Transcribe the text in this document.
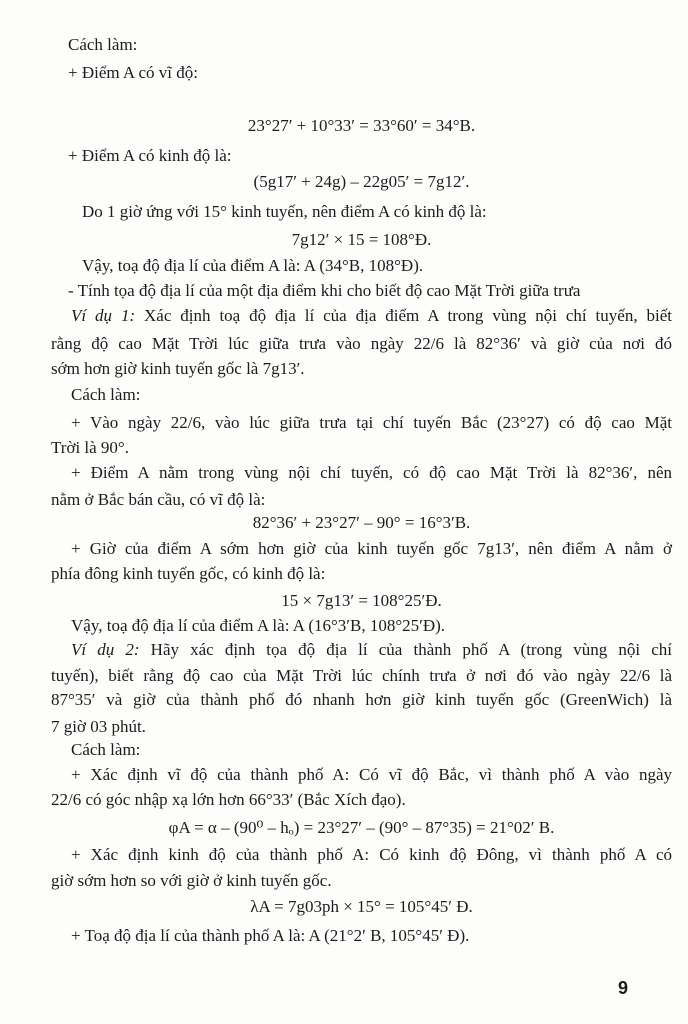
Cách làm:
+ Điểm A có vĩ độ:
23°27′ + 10°33′ = 33°60′ = 34°B.
+ Điểm A có kinh độ là:
(5g17′ + 24g) – 22g05′ = 7g12′.
Do 1 giờ ứng với 15° kinh tuyến, nên điểm A có kinh độ là:
7g12′ × 15 = 108°Đ.
Vậy, toạ độ địa lí của điểm A là: A (34°B, 108°Đ).
- Tính tọa độ địa lí của một địa điểm khi cho biết độ cao Mặt Trời giữa trưa
Ví dụ 1: Xác định toạ độ địa lí của địa điểm A trong vùng nội chí tuyến, biết
rằng độ cao Mặt Trời lúc giữa trưa vào ngày 22/6 là 82°36′ và giờ của nơi đó
sớm hơn giờ kinh tuyến gốc là 7g13′.
Cách làm:
+ Vào ngày 22/6, vào lúc giữa trưa tại chí tuyến Bắc (23°27) có độ cao Mặt
Trời là 90°.
+ Điểm A nằm trong vùng nội chí tuyến, có độ cao Mặt Trời là 82°36′, nên
nằm ở Bắc bán cầu, có vĩ độ là:
82°36′ + 23°27′ – 90° = 16°3′B.
+ Giờ của điểm A sớm hơn giờ của kinh tuyến gốc 7g13′, nên điểm A nằm ở
phía đông kinh tuyến gốc, có kinh độ là:
15 × 7g13′ = 108°25′Đ.
Vậy, toạ độ địa lí của điểm A là: A (16°3′B, 108°25′Đ).
Ví dụ 2: Hãy xác định tọa độ địa lí của thành phố A (trong vùng nội chí
tuyến), biết rằng độ cao của Mặt Trời lúc chính trưa ở nơi đó vào ngày 22/6 là
87°35′ và giờ của thành phố đó nhanh hơn giờ kinh tuyến gốc (GreenWich) là
7 giờ 03 phút.
Cách làm:
+ Xác định vĩ độ của thành phố A: Có vĩ độ Bắc, vì thành phố A vào ngày
22/6 có góc nhập xạ lớn hơn 66°33′ (Bắc Xích đạo).
φA = α – (90⁰ – hₒ) = 23°27′ – (90° – 87°35) = 21°02′ B.
+ Xác định kinh độ của thành phố A: Có kinh độ Đông, vì thành phố A có
giờ sớm hơn so với giờ ở kinh tuyến gốc.
λA = 7g03ph × 15° = 105°45′ Đ.
+ Toạ độ địa lí của thành phố A là: A (21°2′ B, 105°45′ Đ).
9
